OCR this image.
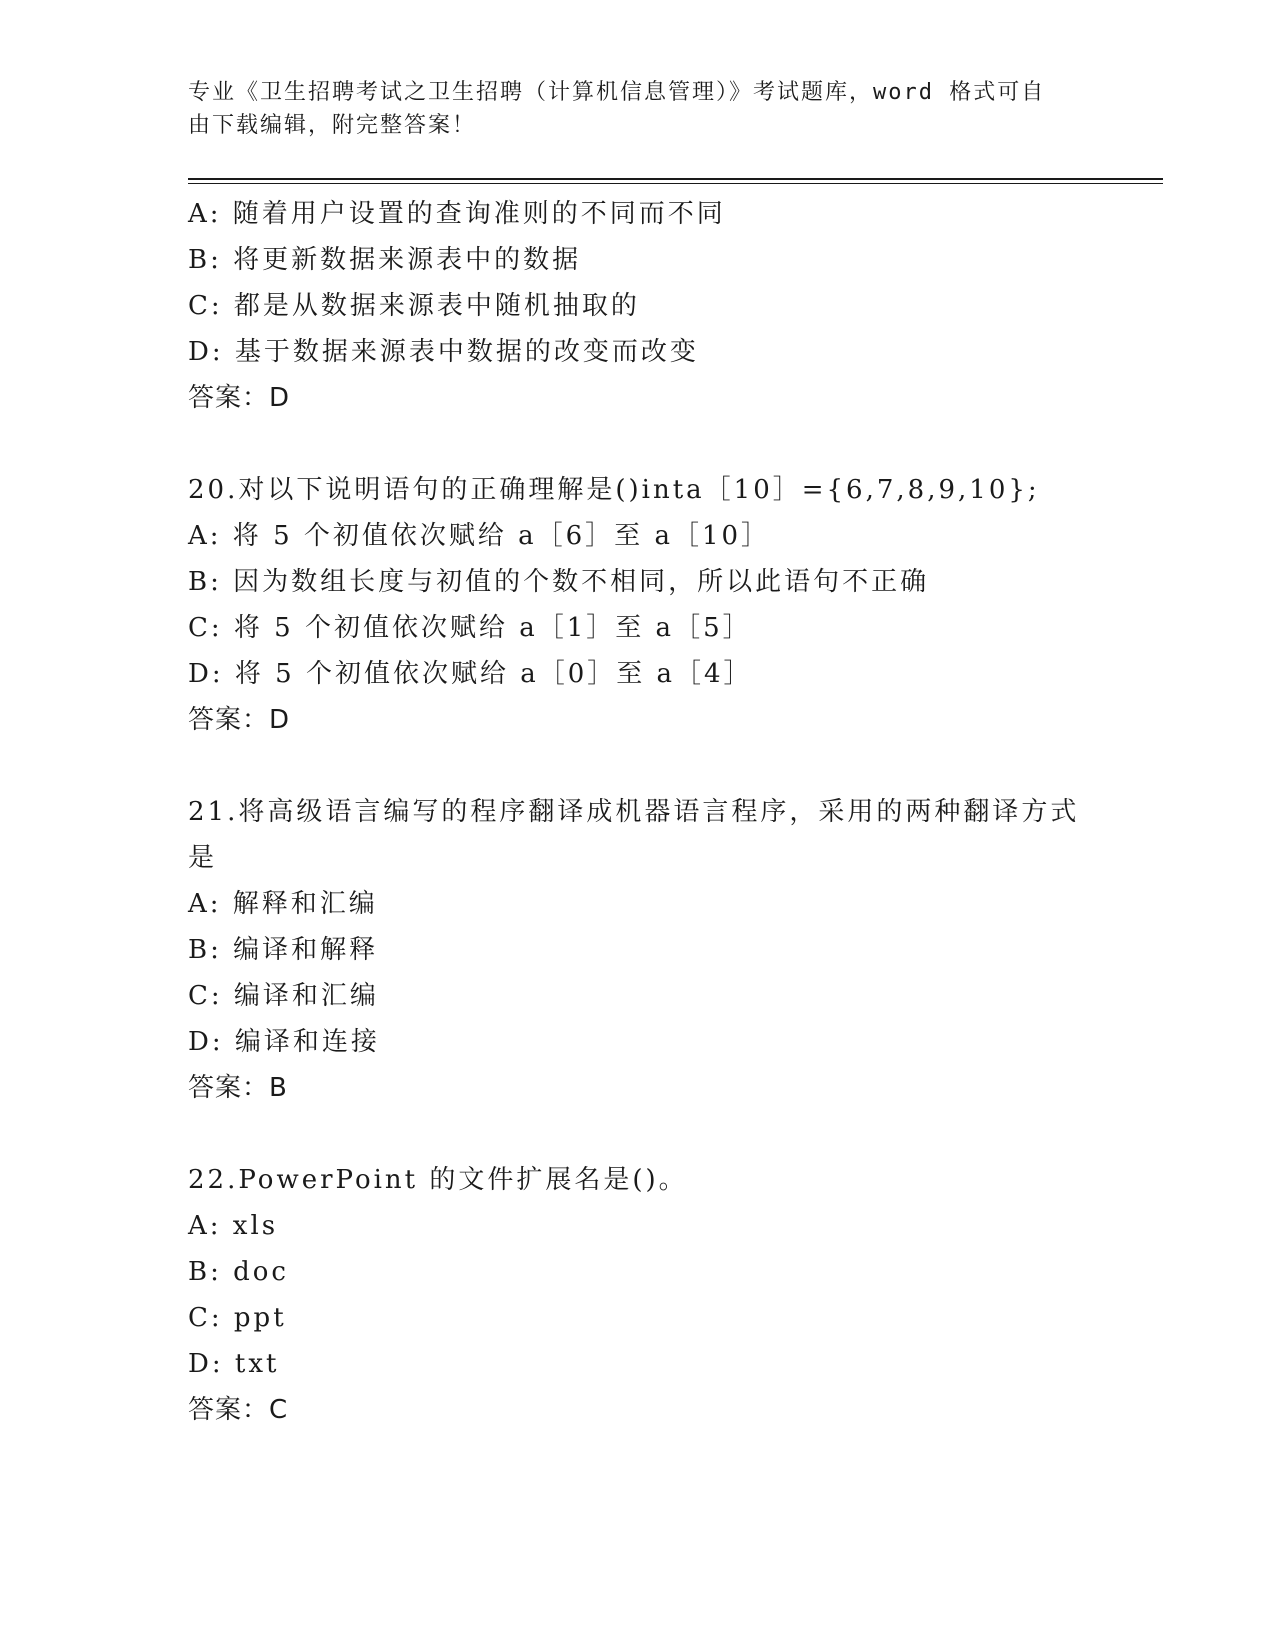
专业《卫生招聘考试之卫生招聘（计算机信息管理）》考试题库，word 格式可自
由下载编辑，附完整答案！
A: 随着用户设置的查询准则的不同而不同
B: 将更新数据来源表中的数据
C: 都是从数据来源表中随机抽取的
D: 基于数据来源表中数据的改变而改变
答案：D
20.对以下说明语句的正确理解是()inta［10］={6,7,8,9,10};
A: 将 5 个初值依次赋给 a［6］至 a［10］
B: 因为数组长度与初值的个数不相同，所以此语句不正确
C: 将 5 个初值依次赋给 a［1］至 a［5］
D: 将 5 个初值依次赋给 a［0］至 a［4］
答案：D
21.将高级语言编写的程序翻译成机器语言程序，采用的两种翻译方式是
A: 解释和汇编
B: 编译和解释
C: 编译和汇编
D: 编译和连接
答案：B
22.PowerPoint 的文件扩展名是()。
A: xls
B: doc
C: ppt
D: txt
答案：C
